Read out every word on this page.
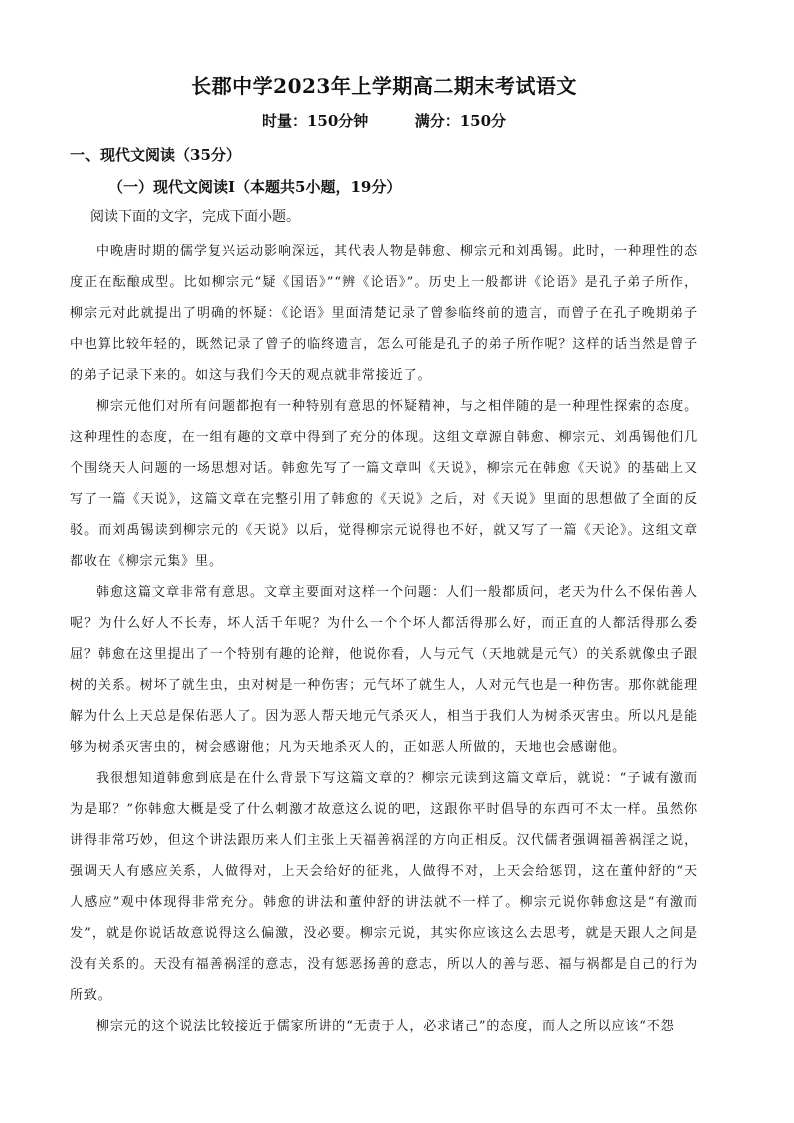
长郡中学2023年上学期高二期末考试语文
时量：150分钟	满分：150分
一、现代文阅读（35分）
（一）现代文阅读Ⅰ（本题共5小题，19分）
阅读下面的文字，完成下面小题。

中晚唐时期的儒学复兴运动影响深远，其代表人物是韩愈、柳宗元和刘禹锡。此时，一种理性的态度正在酝酿成型。比如柳宗元“疑《国语》”“辨《论语》”。历史上一般都讲《论语》是孔子弟子所作，柳宗元对此就提出了明确的怀疑：《论语》里面清楚记录了曾参临终前的遗言，而曾子在孔子晚期弟子中也算比较年轻的，既然记录了曾子的临终遗言，怎么可能是孔子的弟子所作呢？这样的话当然是曾子的弟子记录下来的。如这与我们今天的观点就非常接近了。

柳宗元他们对所有问题都抱有一种特别有意思的怀疑精神，与之相伴随的是一种理性探索的态度。这种理性的态度，在一组有趣的文章中得到了充分的体现。这组文章源自韩愈、柳宗元、刘禹锡他们几个围绕天人问题的一场思想对话。韩愈先写了一篇文章叫《天说》，柳宗元在韩愈《天说》的基础上又写了一篇《天说》，这篇文章在完整引用了韩愈的《天说》之后，对《天说》里面的思想做了全面的反驳。而刘禹锡读到柳宗元的《天说》以后，觉得柳宗元说得也不好，就又写了一篇《天论》。这组文章都收在《柳宗元集》里。

韩愈这篇文章非常有意思。文章主要面对这样一个问题：人们一般都质问，老天为什么不保佑善人呢？为什么好人不长寿，坏人活千年呢？为什么一个个坏人都活得那么好，而正直的人都活得那么委屈？韩愈在这里提出了一个特别有趣的论辩，他说你看，人与元气（天地就是元气）的关系就像虫子跟树的关系。树坏了就生虫，虫对树是一种伤害；元气坏了就生人，人对元气也是一种伤害。那你就能理解为什么上天总是保佑恶人了。因为恶人帮天地元气杀灭人，相当于我们人为树杀灭害虫。所以凡是能够为树杀灭害虫的，树会感谢他；凡为天地杀灭人的，正如恶人所做的，天地也会感谢他。

我很想知道韩愈到底是在什么背景下写这篇文章的？柳宗元读到这篇文章后，就说：“子诚有激而为是耶？”你韩愈大概是受了什么刺激才故意这么说的吧，这跟你平时倡导的东西可不太一样。虽然你讲得非常巧妙，但这个讲法跟历来人们主张上天福善祸淫的方向正相反。汉代儒者强调福善祸淫之说，强调天人有感应关系，人做得对，上天会给好的征兆，人做得不对，上天会给惩罚，这在董仲舒的“天人感应”观中体现得非常充分。韩愈的讲法和董仲舒的讲法就不一样了。柳宗元说你韩愈这是“有激而发”，就是你说话故意说得这么偏激，没必要。柳宗元说，其实你应该这么去思考，就是天跟人之间是没有关系的。天没有福善祸淫的意志，没有惩恶扬善的意志，所以人的善与恶、福与祸都是自己的行为所致。

柳宗元的这个说法比较接近于儒家所讲的“无责于人，必求诸己”的态度，而人之所以应该“不怨
